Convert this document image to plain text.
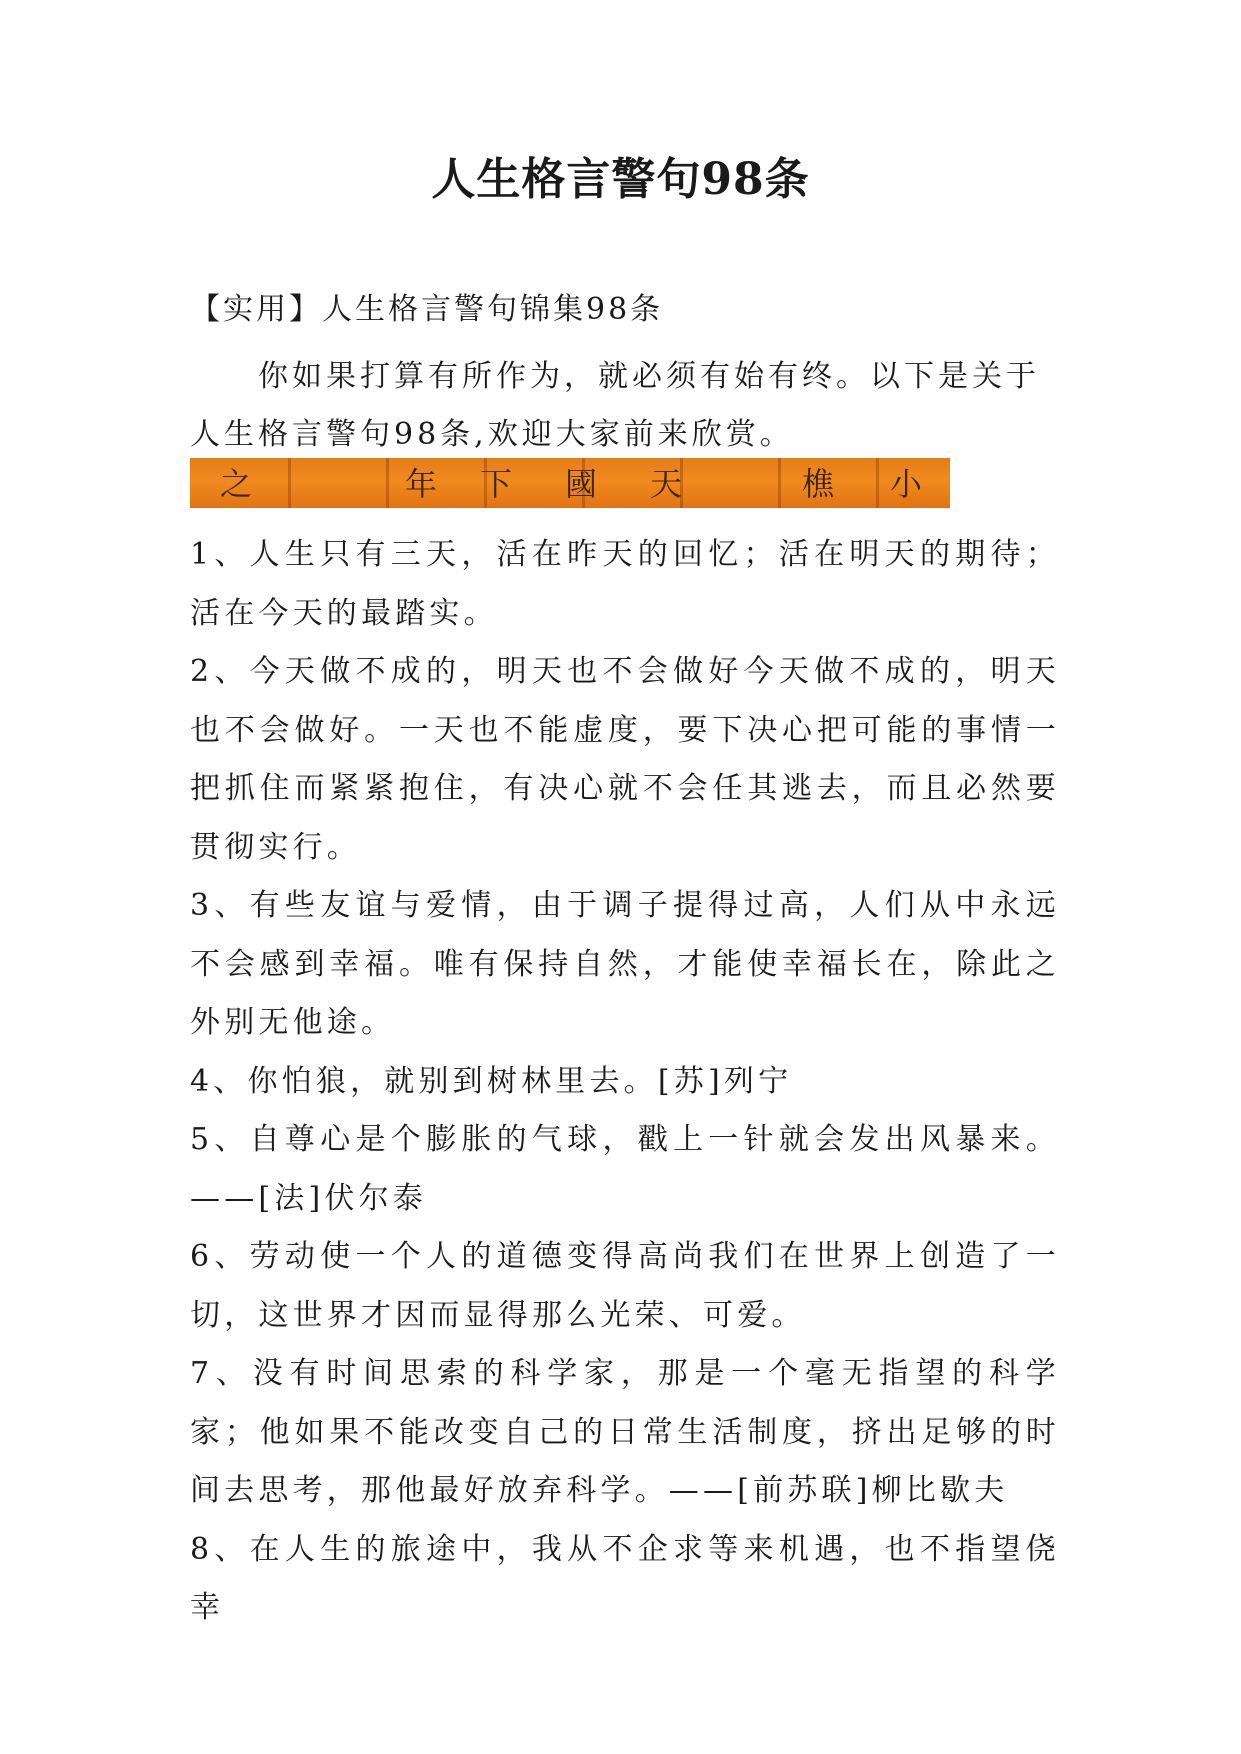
人生格言警句98条
【实用】人生格言警句锦集98条

你如果打算有所作为，就必须有始有终。以下是关于人生格言警句98条,欢迎大家前来欣赏。

之	年 下 國 天	樵 小

1、人生只有三天，活在昨天的回忆；活在明天的期待；活在今天的最踏实。

2、今天做不成的，明天也不会做好今天做不成的，明天也不会做好。一天也不能虚度，要下决心把可能的事情一把抓住而紧紧抱住，有决心就不会任其逃去，而且必然要贯彻实行。

3、有些友谊与爱情，由于调子提得过高，人们从中永远不会感到幸福。唯有保持自然，才能使幸福长在，除此之外别无他途。

4、你怕狼，就别到树林里去。[苏]列宁

5、自尊心是个膨胀的气球，戳上一针就会发出风暴来。——[法]伏尔泰

6、劳动使一个人的道德变得高尚我们在世界上创造了一切，这世界才因而显得那么光荣、可爱。

7、没有时间思索的科学家，那是一个毫无指望的科学家；他如果不能改变自己的日常生活制度，挤出足够的时间去思考，那他最好放弃科学。——[前苏联]柳比歇夫

8、在人生的旅途中，我从不企求等来机遇，也不指望侥幸
